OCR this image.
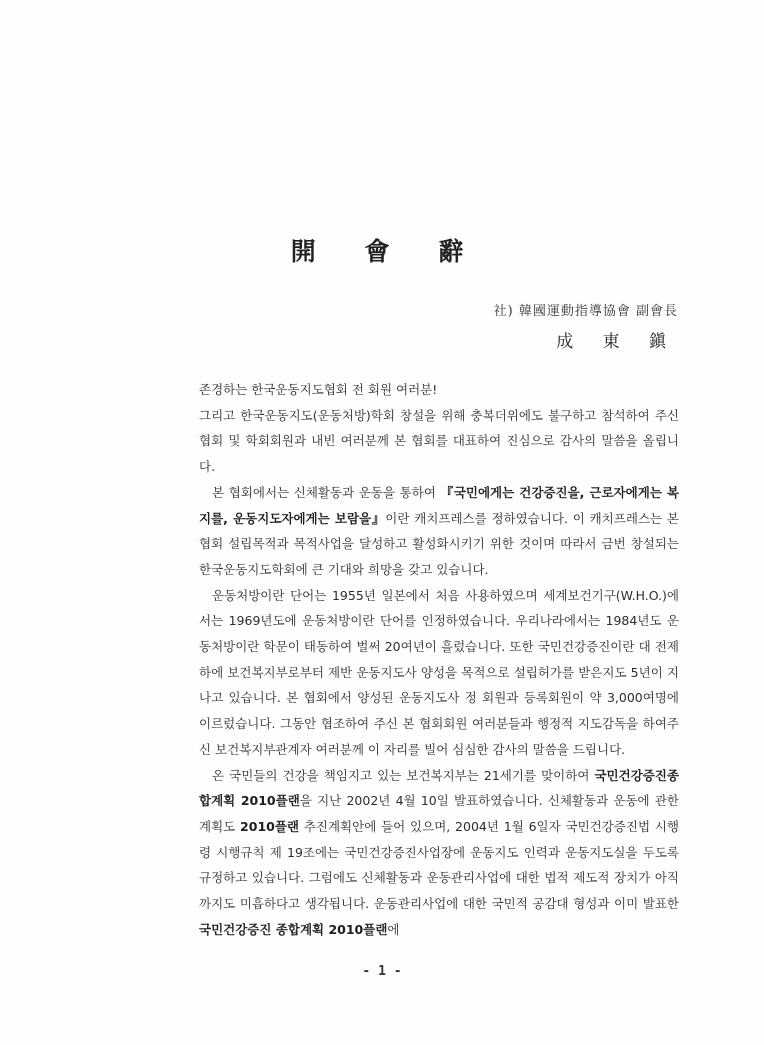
開 會 辭
社) 韓國運動指導協會 副會長
成 東 鎭

존경하는 한국운동지도협회 전 회원 여러분!

그리고 한국운동지도(운동처방)학회 창설을 위해 충복더위에도 불구하고 참석하여 주신 협회 및 학회회원과 내빈 여러분께 본 협회를 대표하여 진심으로 감사의 말씀을 올립니다.

본 협회에서는 신체활동과 운동을 통하여 『국민에게는 건강증진을, 근로자에게는 복지를, 운동지도자에게는 보람을』이란 캐치프레스를 정하였습니다. 이 캐치프레스는 본 협회 설립목적과 목적사업을 달성하고 활성화시키기 위한 것이며 따라서 금번 창설되는 한국운동지도학회에 큰 기대와 희망을 갖고 있습니다.

운동처방이란 단어는 1955년 일본에서 처음 사용하였으며 세계보건기구(W.H.O.)에서는 1969년도에 운동처방이란 단어를 인정하였습니다. 우리나라에서는 1984년도 운동처방이란 학문이 태동하여 벌써 20여년이 흘렀습니다. 또한 국민건강증진이란 대 전제하에 보건복지부로부터 제반 운동지도사 양성을 목적으로 설립허가를 받은지도 5년이 지나고 있습니다. 본 협회에서 양성된 운동지도사 정 회원과 등록회원이 약 3,000여명에 이르렀습니다. 그동안 협조하여 주신 본 협회회원 여러분들과 행정적 지도감독을 하여주신 보건복지부관계자 여러분께 이 자리를 빌어 심심한 감사의 말씀을 드립니다.

온 국민들의 건강을 책임지고 있는 보건복지부는 21세기를 맞이하여 국민건강증진종합계획 2010플랜을 지난 2002년 4월 10일 발표하였습니다. 신체활동과 운동에 관한 계획도 2010플랜 추진계획안에 들어 있으며, 2004년 1월 6일자 국민건강증진법 시행령 시행규칙 제 19조에는 국민건강증진사업장에 운동지도 인력과 운동지도실을 두도록 규정하고 있습니다. 그럼에도 신체활동과 운동관리사업에 대한 법적 제도적 장치가 아직까지도 미흡하다고 생각됩니다. 운동관리사업에 대한 국민적 공감대 형성과 이미 발표한 국민건강증진 종합계획 2010플랜에

- 1 -
